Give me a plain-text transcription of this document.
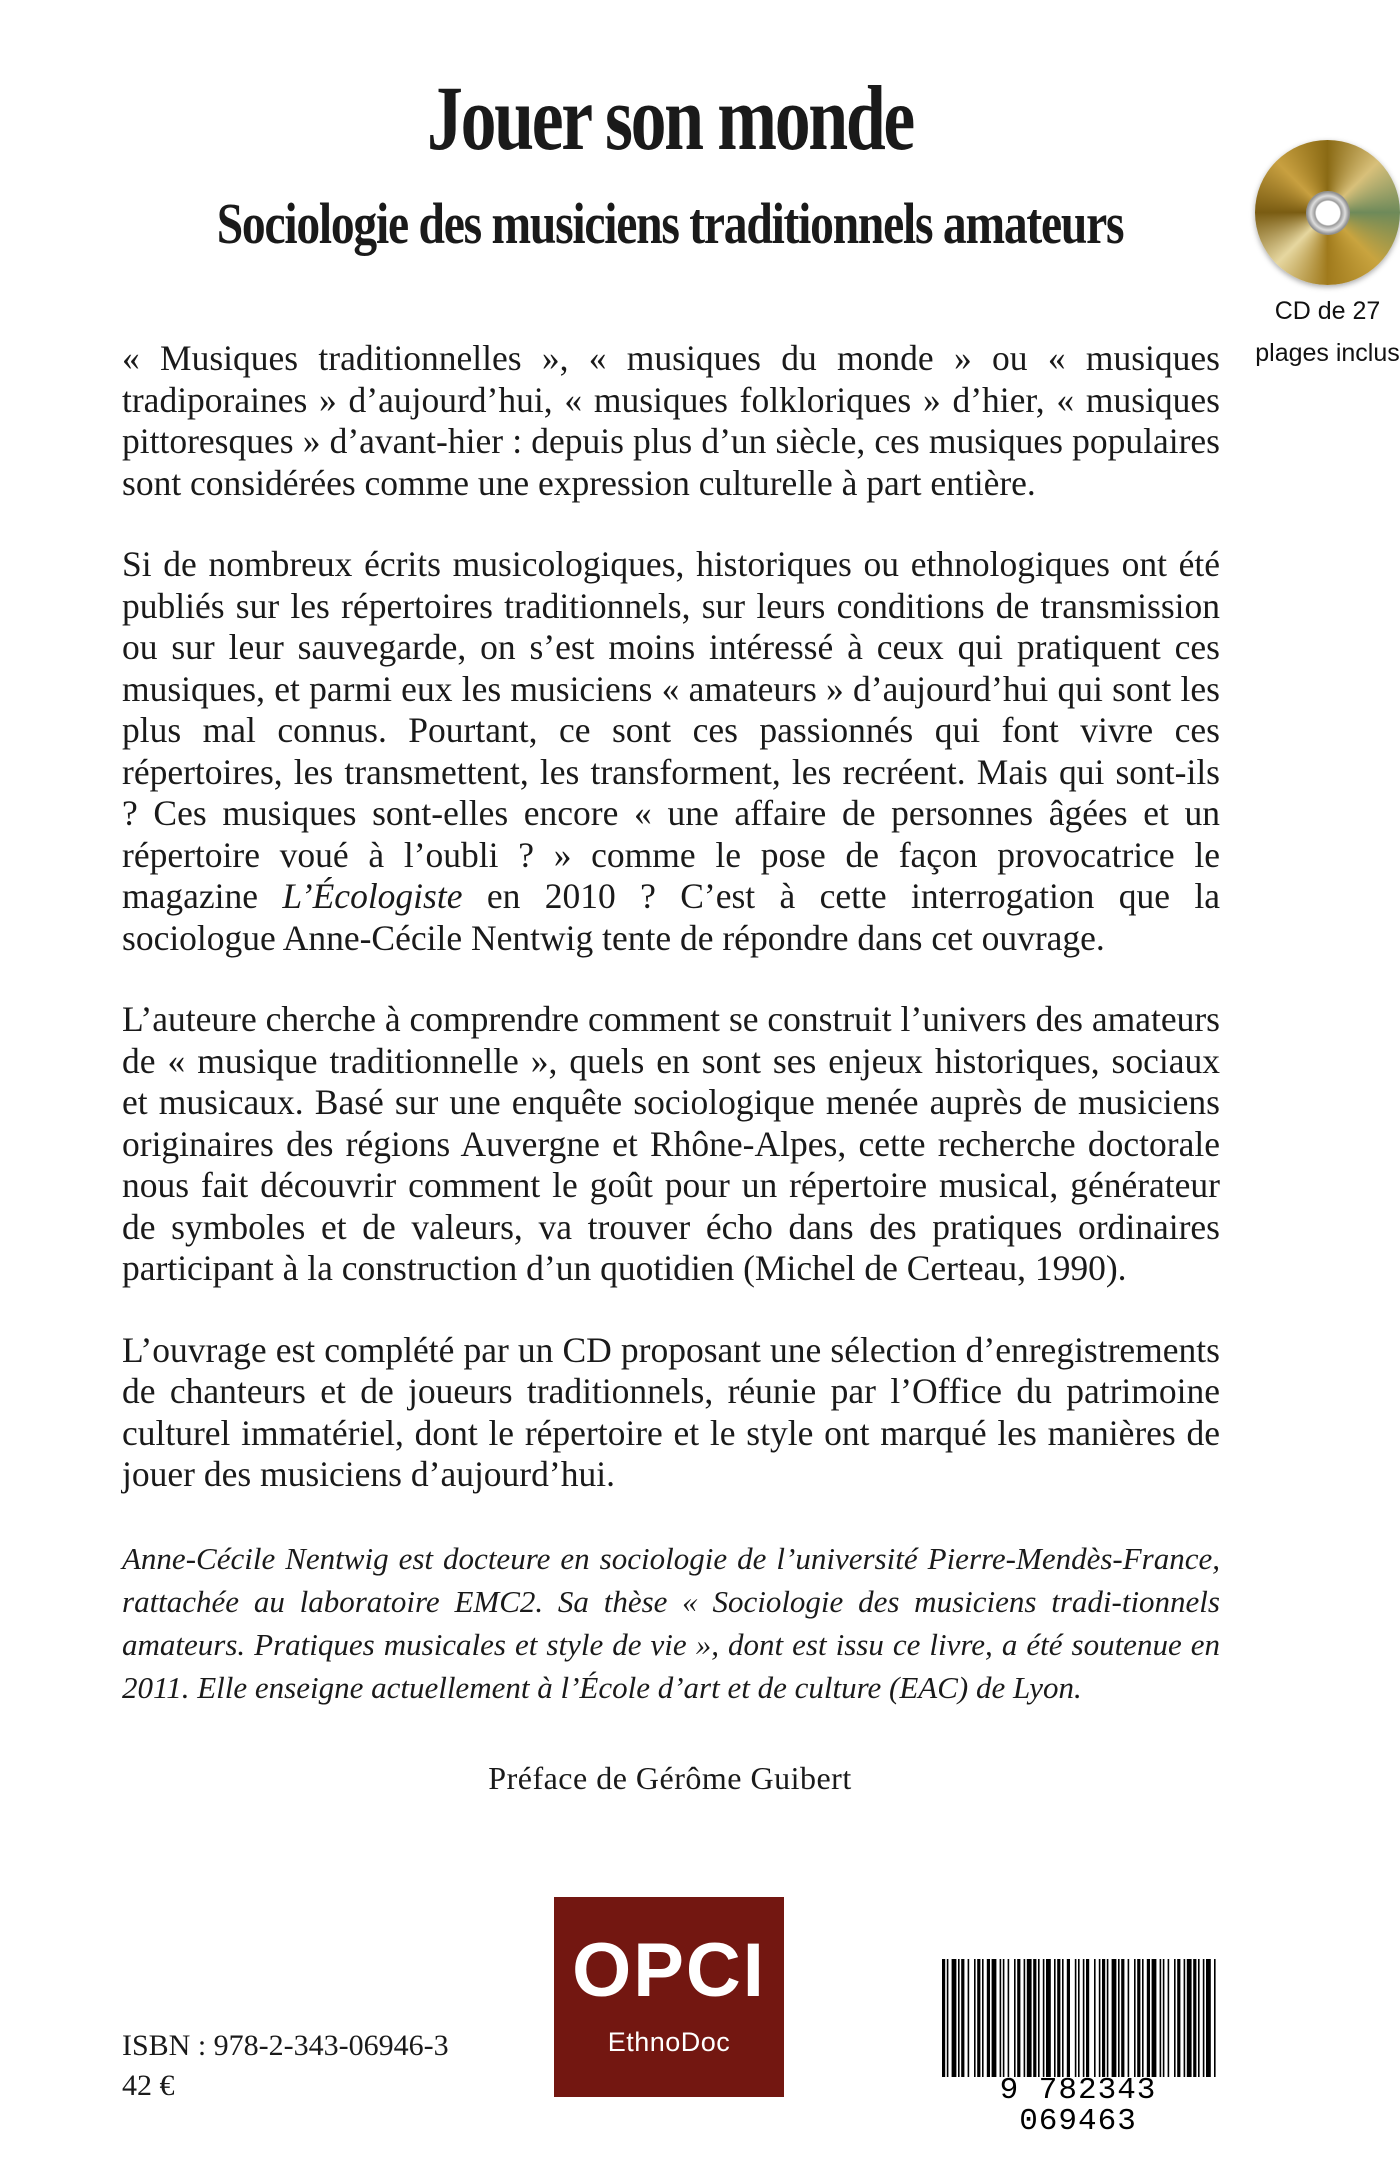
Jouer son monde
Sociologie des musiciens traditionnels amateurs
CD de 27
plages inclus

« Musiques traditionnelles », « musiques du monde » ou « musiques tradiporaines » d’aujourd’hui, « musiques folkloriques » d’hier, « musiques pittoresques » d’avant-hier : depuis plus d’un siècle, ces musiques populaires sont considérées comme une expression culturelle à part entière.

Si de nombreux écrits musicologiques, historiques ou ethnologiques ont été publiés sur les répertoires traditionnels, sur leurs conditions de transmission ou sur leur sauvegarde, on s’est moins intéressé à ceux qui pratiquent ces musiques, et parmi eux les musiciens « amateurs » d’aujourd’hui qui sont les plus mal connus. Pourtant, ce sont ces passionnés qui font vivre ces répertoires, les transmettent, les transforment, les recréent. Mais qui sont-ils ? Ces musiques sont-elles encore « une affaire de personnes âgées et un répertoire voué à l’oubli ? » comme le pose de façon provocatrice le magazine L’Écologiste en 2010 ? C’est à cette interrogation que la sociologue Anne-Cécile Nentwig tente de répondre dans cet ouvrage.

L’auteure cherche à comprendre comment se construit l’univers des amateurs de « musique traditionnelle », quels en sont ses enjeux historiques, sociaux et musicaux. Basé sur une enquête sociologique menée auprès de musiciens originaires des régions Auvergne et Rhône-Alpes, cette recherche doctorale nous fait découvrir comment le goût pour un répertoire musical, générateur de symboles et de valeurs, va trouver écho dans des pratiques ordinaires participant à la construction d’un quotidien (Michel de Certeau, 1990).

L’ouvrage est complété par un CD proposant une sélection d’enregistrements de chanteurs et de joueurs traditionnels, réunie par l’Office du patrimoine culturel immatériel, dont le répertoire et le style ont marqué les manières de jouer des musiciens d’aujourd’hui.

Anne-Cécile Nentwig est docteure en sociologie de l’université Pierre-Mendès-France, rattachée au laboratoire EMC2. Sa thèse « Sociologie des musiciens tradi-tionnels amateurs. Pratiques musicales et style de vie », dont est issu ce livre, a été soutenue en 2011. Elle enseigne actuellement à l’École d’art et de culture (EAC) de Lyon.

Préface de Gérôme Guibert

OPCI
EthnoDoc
ISBN : 978-2-343-06946-3
42 €	9 782343 069463
